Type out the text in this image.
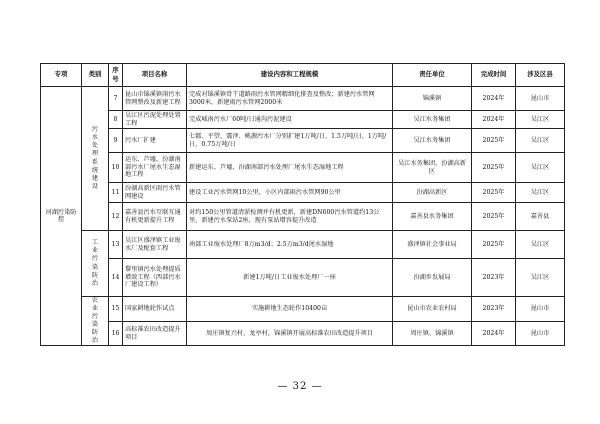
专项	类别	序号	项目名称	建设内容和工程规模	责任单位	完成时间	涉及区县
河湖污染防控	污水处理系统建设	7	昆山市锦溪镇雨污水管网整改及新建工程	完成对锦溪镇骨干道路雨污水管网精细化排查及整改；新建污水管网3000米，新建雨污水管网2000米	锦溪镇	2024年	昆山市
		8	吴江区污泥处理处置工程	完成城南污水厂60吨/日通沟污泥建设	吴江水务集团	2024年	吴江区
		9	污水厂扩建	七都、平望、震泽、桃源污水厂分别扩建1万吨/日、1.5万吨/日、1万吨/日、0.75万吨/日	吴江水务集团	2025年	吴江区
		10	运东、芦墟、汾湖南部污水厂尾水生态湿地工程	新建运东、芦墟、汾湖南部污水处理厂尾水生态湿地工程	吴江水务集团、汾湖高新区	2025年	吴江区
		11	汾湖高新区雨污水管网建设	建设工业污水管网10公里，小区内部雨污水管网90公里	汾湖高新区	2025年	吴江区
		12	嘉善县污水互联互通有机更新提升工程	对约150公里管道清淤检测并有机更新，新建DN600污水管道约13公里，新建污水泵站2座，现有泵站增容提升改造	嘉善县水务集团	2025年	嘉善县
	工业污染防治	13	吴江区盛泽镇工业废水厂及配套工程	南部工业废水处理厂8万m3/d；2.5万m3/d尾水湿地	盛泽镇社会事业局	2025年	吴江区
		14	黎里镇污水处理提质增效工程（西部污水厂建设工程）	新建1万吨/日工业废水处理厂一座	汾湖乡发展局	2023年	吴江区
	农业污染防治	15	国家耕地轮作试点	实施耕地生态轮作10400亩	昆山市农业农村局	2023年	昆山市
		16	高标准农田改造提升项目	周庄镇复兴村、龙亭村，锦溪镇开展高标准农田改造提升项目	周庄镇、锦溪镇	2024年	昆山市
— 32 —
